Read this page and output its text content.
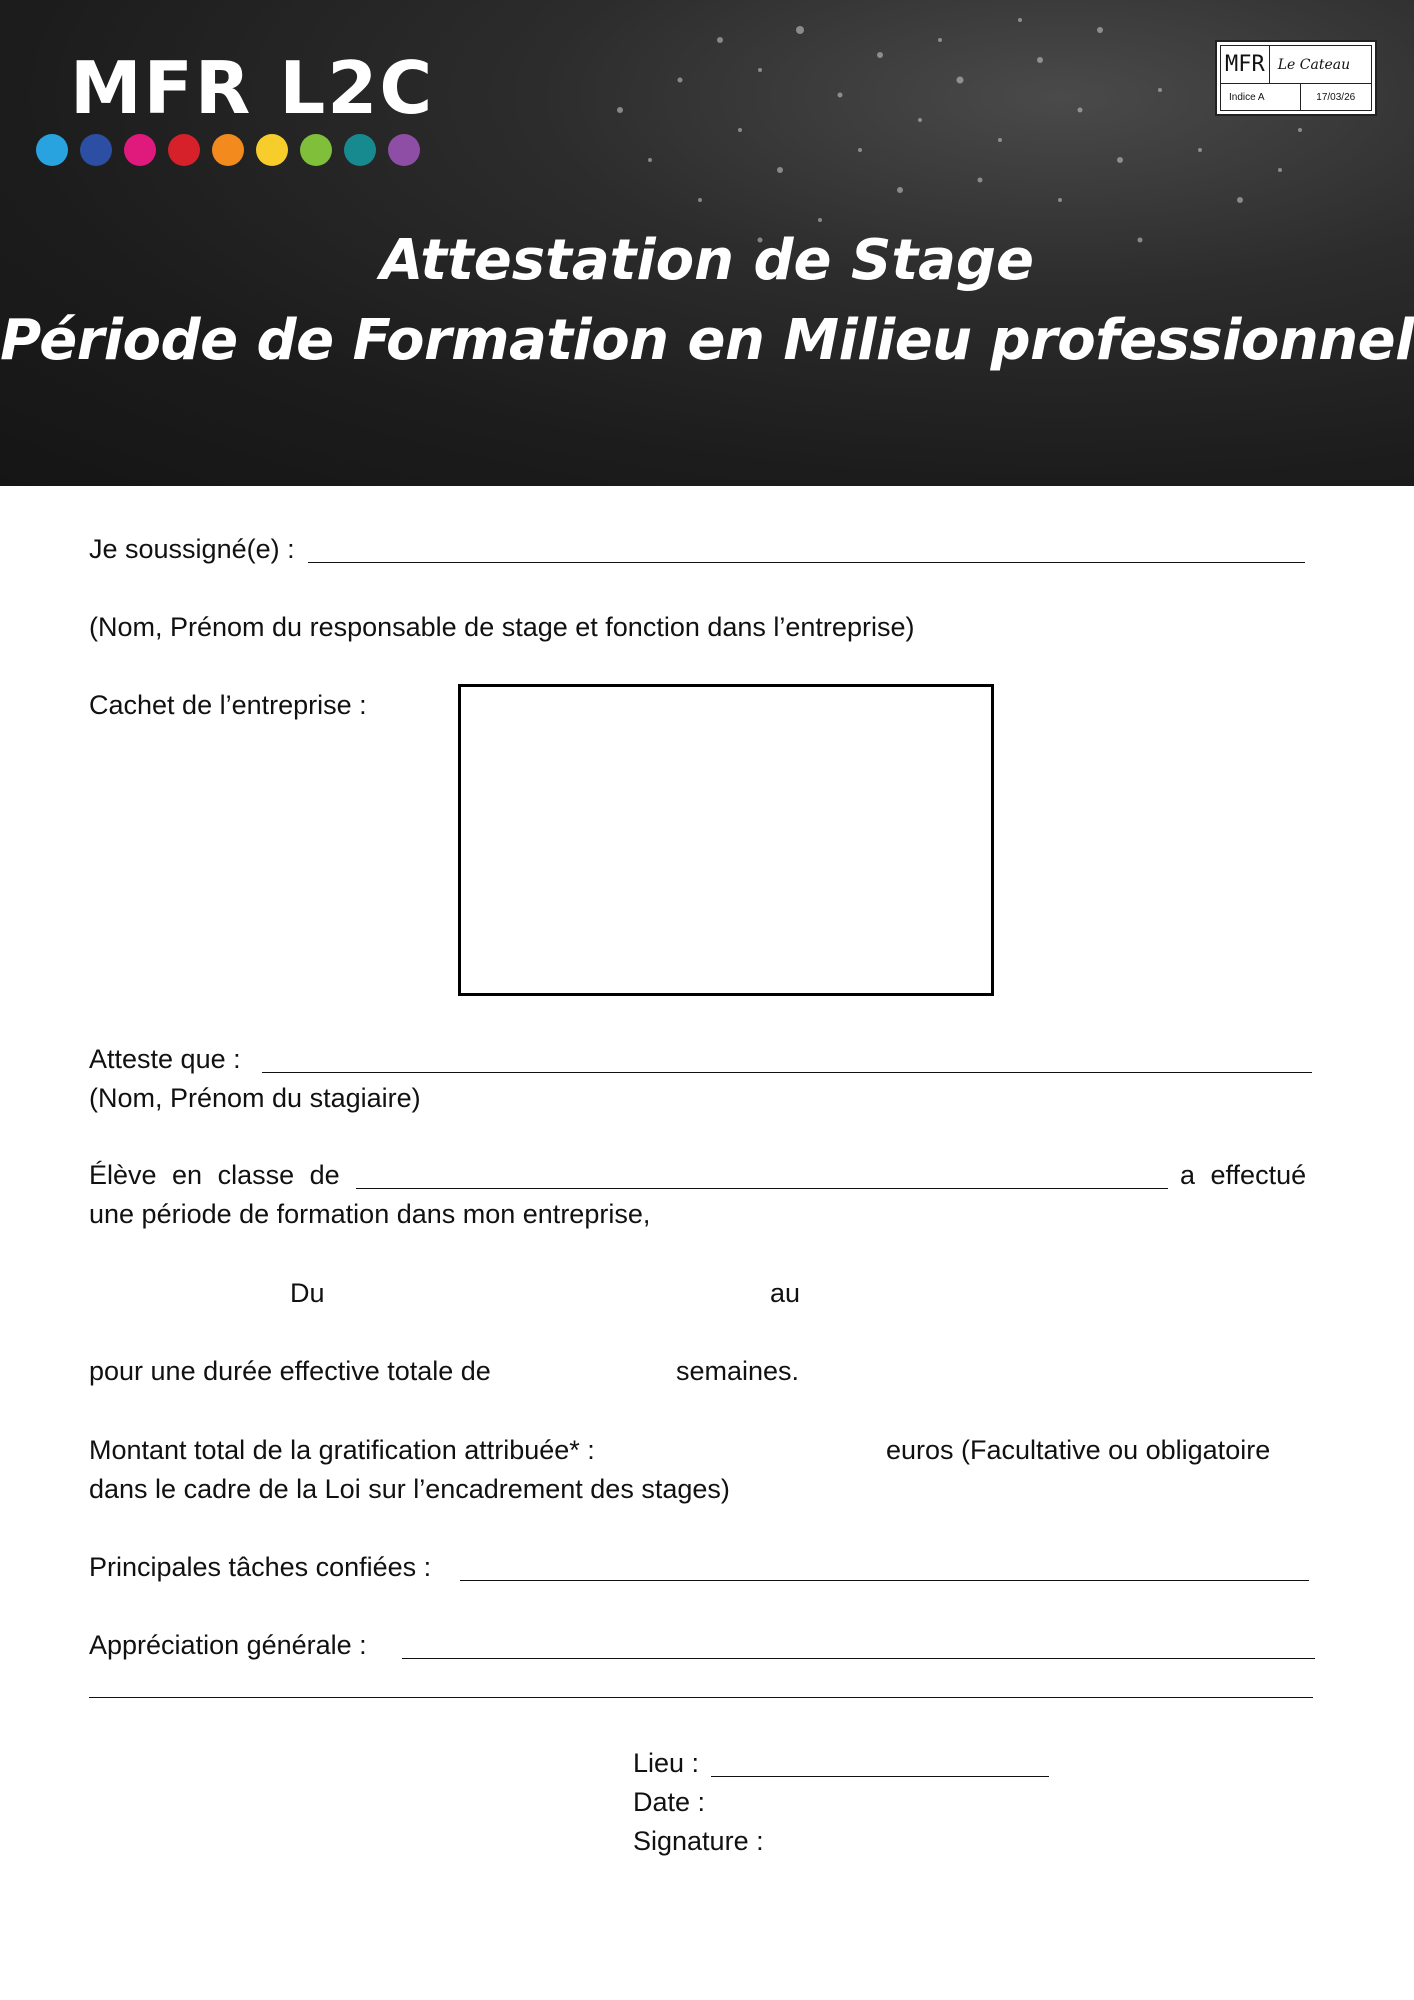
MFR L2C	MFR Le Cateau
Indice A	17/03/26
Attestation de Stage
Période de Formation en Milieu professionnel
Je soussigné(e) :
(Nom, Prénom du responsable de stage et fonction dans l’entreprise)
Cachet de l’entreprise :
Atteste que :
(Nom, Prénom du stagiaire)
Élève en classe de	a effectué
une période de formation dans mon entreprise,
Du	au
pour une durée effective totale de	semaines.
Montant total de la gratification attribuée* :	euros (Facultative ou obligatoire
dans le cadre de la Loi sur l’encadrement des stages)
Principales tâches confiées :
Appréciation générale :
Lieu :
Date :
Signature :
